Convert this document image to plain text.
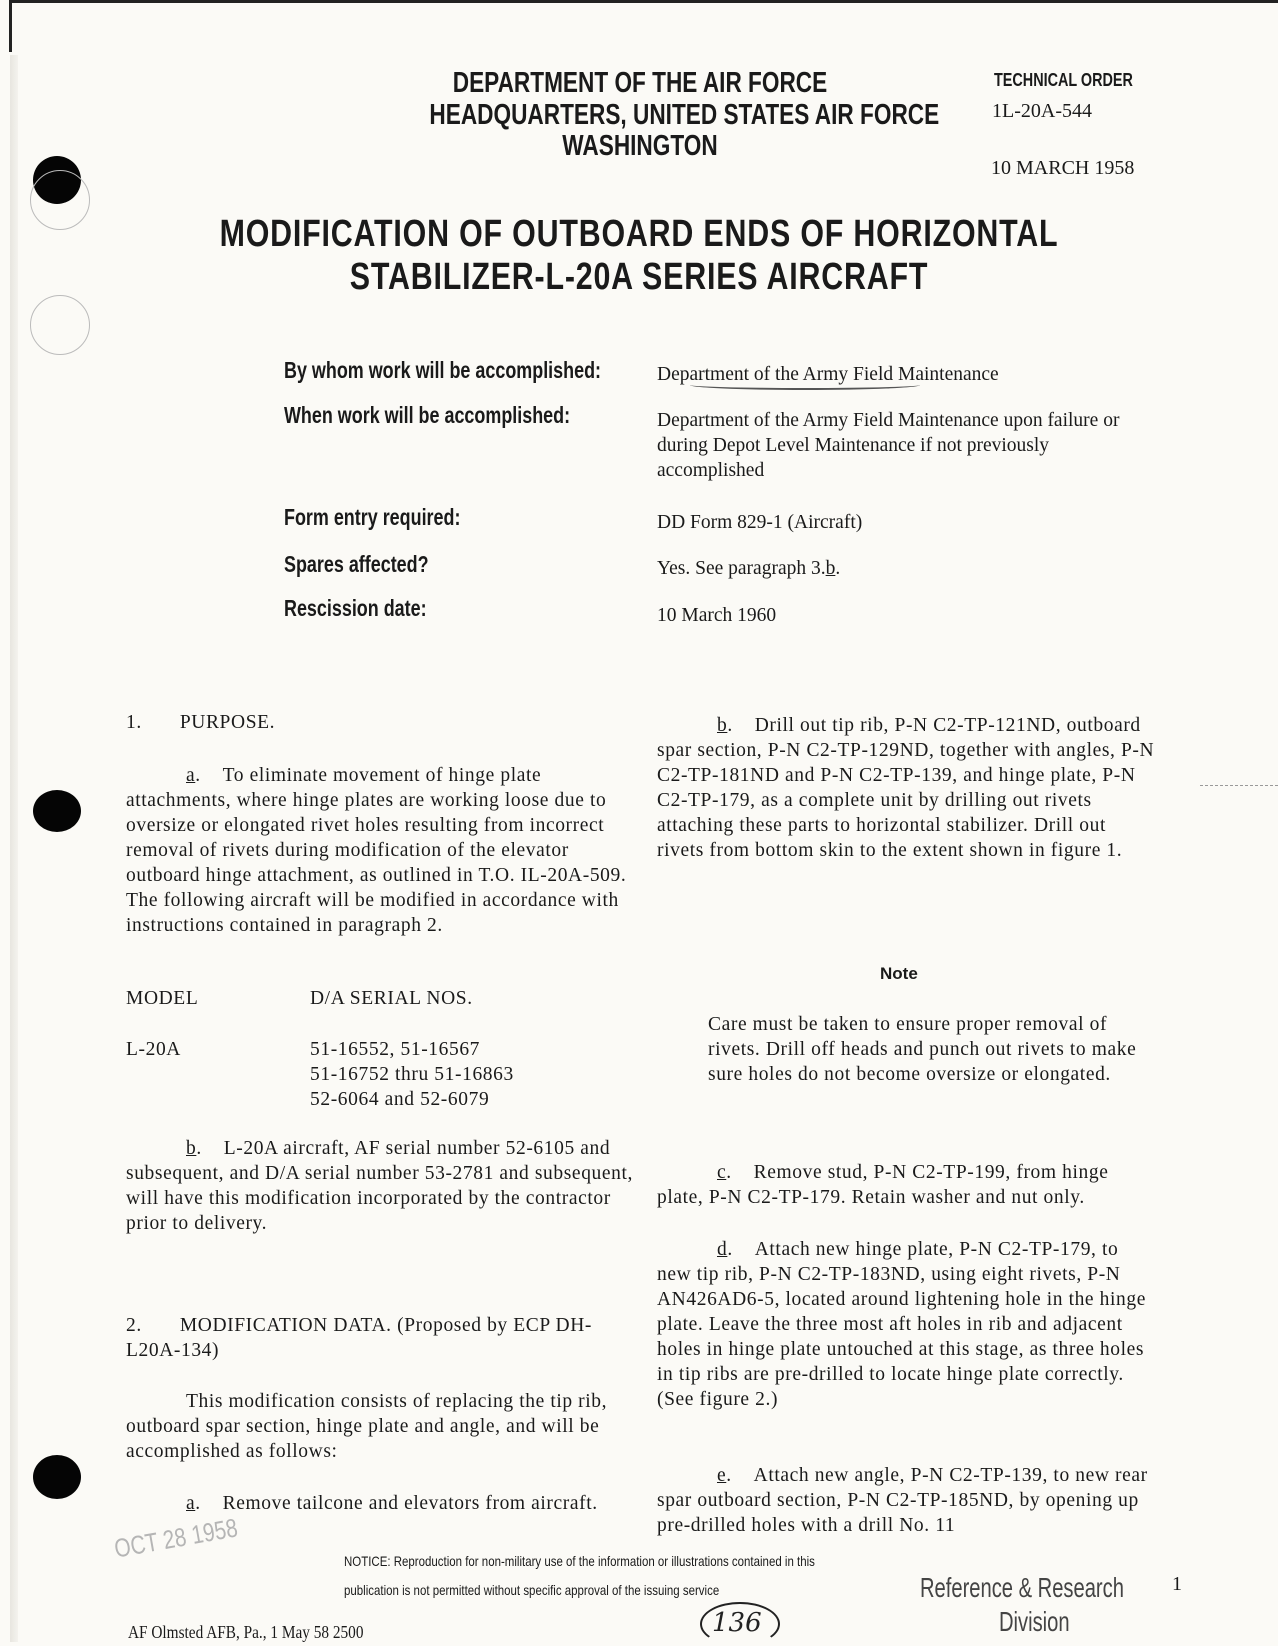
DEPARTMENT OF THE AIR FORCE
HEADQUARTERS, UNITED STATES AIR FORCE
WASHINGTON
TECHNICAL ORDER
1L-20A-544
10 MARCH 1958
MODIFICATION OF OUTBOARD ENDS OF HORIZONTAL
STABILIZER-L-20A SERIES AIRCRAFT
By whom work will be accomplished:	Department of the Army Field Maintenance
When work will be accomplished:	Department of the Army Field Maintenance upon failure or during Depot Level Maintenance if not previously accomplished
Form entry required:	DD Form 829-1 (Aircraft)
Spares affected?	Yes. See paragraph 3.b.
Rescission date:	10 March 1960
1. PURPOSE.
a.    To eliminate movement of hinge plate attachments, where hinge plates are working loose due to oversize or elongated rivet holes resulting from incorrect removal of rivets during modification of the elevator outboard hinge attachment, as outlined in T.O. IL-20A-509. The following aircraft will be modified in accordance with instructions contained in paragraph 2.
MODEL	D/A SERIAL NOS.
L-20A	51-16552, 51-16567
51-16752 thru 51-16863
52-6064 and 52-6079
b.    L-20A aircraft, AF serial number 52-6105 and subsequent, and D/A serial number 53-2781 and subsequent, will have this modification incorporated by the contractor prior to delivery.
2. MODIFICATION DATA. (Proposed by ECP DH-L20A-134)
This modification consists of replacing the tip rib, outboard spar section, hinge plate and angle, and will be accomplished as follows:
a.    Remove tailcone and elevators from aircraft.
b.    Drill out tip rib, P-N C2-TP-121ND, outboard spar section, P-N C2-TP-129ND, together with angles, P-N C2-TP-181ND and P-N C2-TP-139, and hinge plate, P-N C2-TP-179, as a complete unit by drilling out rivets attaching these parts to horizontal stabilizer. Drill out rivets from bottom skin to the extent shown in figure 1.
Note
Care must be taken to ensure proper removal of rivets. Drill off heads and punch out rivets to make sure holes do not become oversize or elongated.
c.    Remove stud, P-N C2-TP-199, from hinge plate, P-N C2-TP-179. Retain washer and nut only.
d.    Attach new hinge plate, P-N C2-TP-179, to new tip rib, P-N C2-TP-183ND, using eight rivets, P-N AN426AD6-5, located around lightening hole in the hinge plate. Leave the three most aft holes in rib and adjacent holes in hinge plate untouched at this stage, as three holes in tip ribs are pre-drilled to locate hinge plate correctly. (See figure 2.)
e.    Attach new angle, P-N C2-TP-139, to new rear spar outboard section, P-N C2-TP-185ND, by opening up pre-drilled holes with a drill No. 11
OCT 28 1958	NOTICE: Reproduction for non-military use of the information or illustrations contained in this
publication is not permitted without specific approval of the issuing service	Reference & Research
Division
1
136
AF Olmsted AFB, Pa., 1 May 58 2500
